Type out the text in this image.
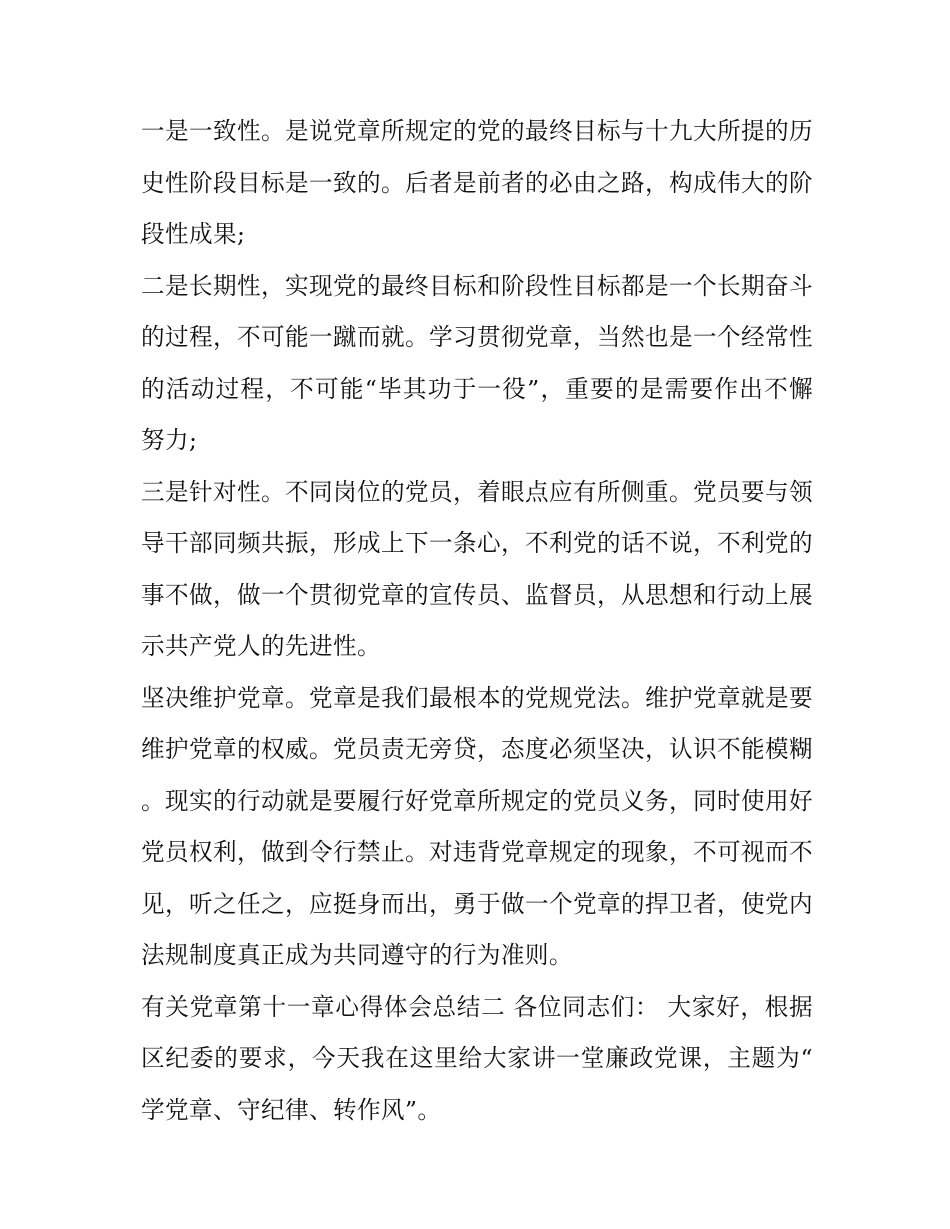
一是一致性。是说党章所规定的党的最终目标与十九大所提的历史性阶段目标是一致的。后者是前者的必由之路，构成伟大的阶段性成果;

二是长期性，实现党的最终目标和阶段性目标都是一个长期奋斗的过程，不可能一蹴而就。学习贯彻党章，当然也是一个经常性的活动过程，不可能“毕其功于一役”，重要的是需要作出不懈努力;

三是针对性。不同岗位的党员，着眼点应有所侧重。党员要与领导干部同频共振，形成上下一条心，不利党的话不说，不利党的事不做，做一个贯彻党章的宣传员、监督员，从思想和行动上展示共产党人的先进性。

坚决维护党章。党章是我们最根本的党规党法。维护党章就是要维护党章的权威。党员责无旁贷，态度必须坚决，认识不能模糊。现实的行动就是要履行好党章所规定的党员义务，同时使用好党员权利，做到令行禁止。对违背党章规定的现象，不可视而不见，听之任之，应挺身而出，勇于做一个党章的捍卫者，使党内法规制度真正成为共同遵守的行为准则。

有关党章第十一章心得体会总结二 各位同志们： 大家好，根据区纪委的要求，今天我在这里给大家讲一堂廉政党课，主题为“学党章、守纪律、转作风”。
